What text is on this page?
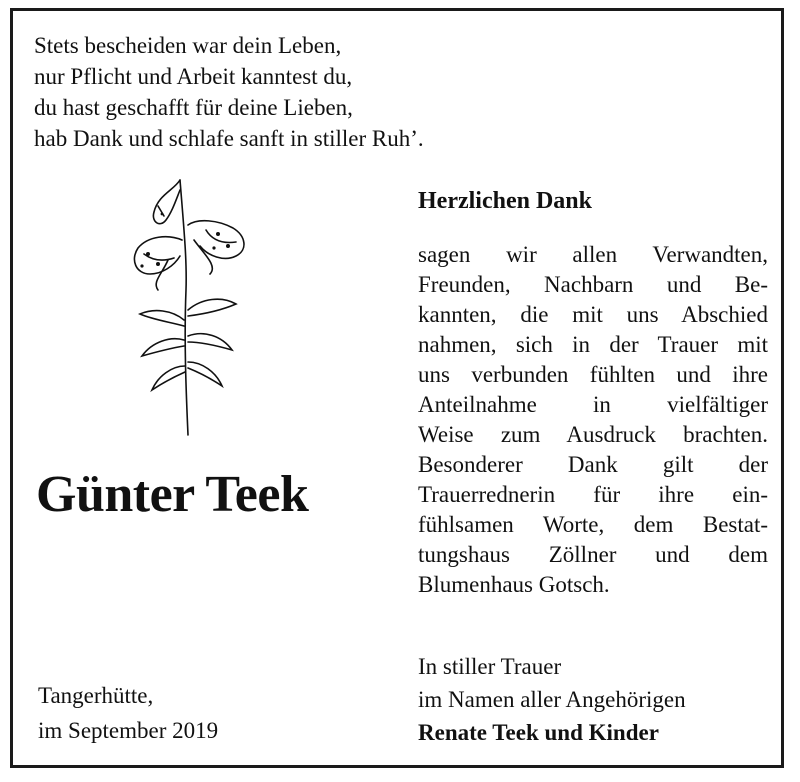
Stets bescheiden war dein Leben,
nur Pflicht und Arbeit kanntest du,
du hast geschafft für deine Lieben,
hab Dank und schlafe sanft in stiller Ruh’.
Günter Teek
Tangerhütte,
im September 2019
Herzlichen Dank
sagen wir allen Verwandten,
Freunden, Nachbarn und Be-
kannten, die mit uns Abschied
nahmen, sich in der Trauer mit
uns verbunden fühlten und ihre
Anteilnahme in vielfältiger
Weise zum Ausdruck brachten.
Besonderer Dank gilt der
Trauerrednerin für ihre ein-
fühlsamen Worte, dem Bestat-
tungshaus Zöllner und dem
Blumenhaus Gotsch.
In stiller Trauer
im Namen aller Angehörigen
Renate Teek und Kinder
